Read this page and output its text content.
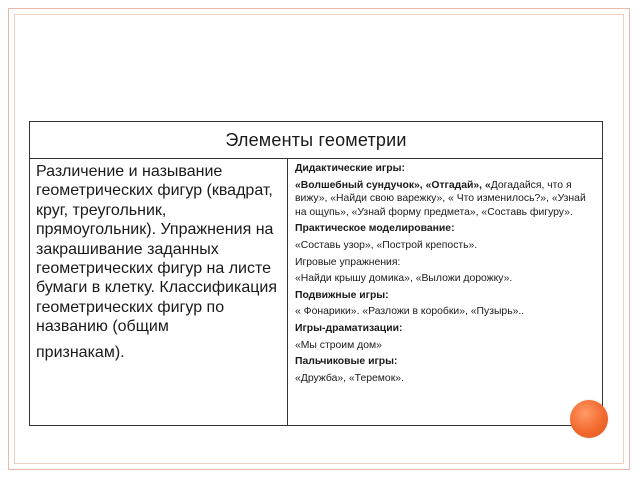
Элементы геометрии
Различение и называние геометрических фигур (квадрат, круг, треугольник, прямоугольник). Упражнения на закрашивание заданных геометрических фигур на листе бумаги в клетку. Классификация геометрических фигур по названию (общим
признакам).

Дидактические игры:

«Волшебный сундучок», «Отгадай», «Догадайся, что я вижу», «Найди свою варежку», « Что изменилось?», «Узнай на ощупь», «Узнай форму предмета», «Составь фигуру».

Практическое моделирование:

«Составь узор», «Построй крепость».

Игровые упражнения:

«Найди крышу домика», «Выложи дорожку».

Подвижные игры:

« Фонарики». «Разложи в коробки», «Пузырь»..

Игры-драматизации:

«Мы строим дом»

Пальчиковые игры:

«Дружба», «Теремок».
